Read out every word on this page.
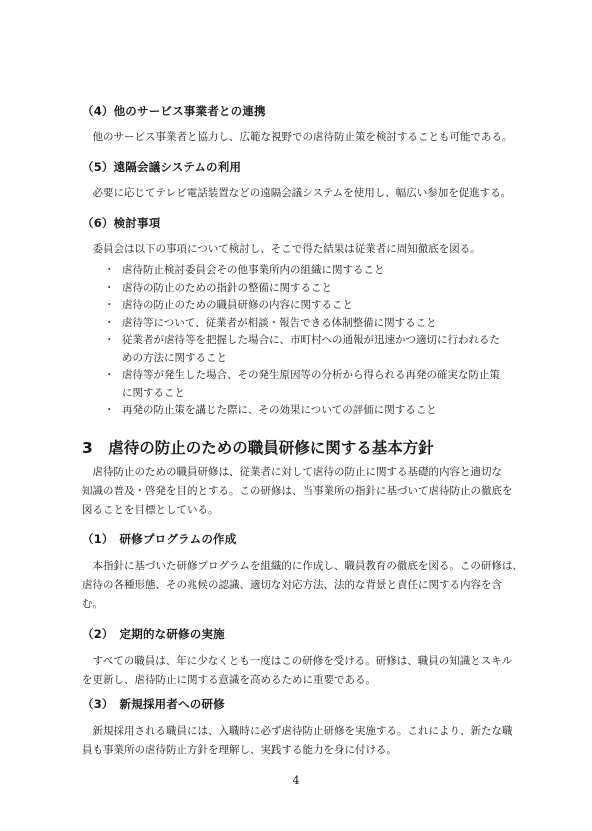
（4）他のサービス事業者との連携
　他のサービス事業者と協力し、広範な視野での虐待防止策を検討することも可能である。
（5）遠隔会議システムの利用
　必要に応じてテレビ電話装置などの遠隔会議システムを使用し、幅広い参加を促進する。
（6）検討事項
　委員会は以下の事項について検討し、そこで得た結果は従業者に周知徹底を図る。
・ 虐待防止検討委員会その他事業所内の組織に関すること
・ 虐待の防止のための指針の整備に関すること
・ 虐待の防止のための職員研修の内容に関すること
・ 虐待等について、従業者が相談・報告できる体制整備に関すること
・ 従業者が虐待等を把握した場合に、市町村への通報が迅速かつ適切に行われるた
めの方法に関すること
・ 虐待等が発生した場合、その発生原因等の分析から得られる再発の確実な防止策
に関すること
・ 再発の防止策を講じた際に、その効果についての評価に関すること
3　虐待の防止のための職員研修に関する基本方針
　虐待防止のための職員研修は、従業者に対して虐待の防止に関する基礎的内容と適切な
知識の普及・啓発を目的とする。この研修は、当事業所の指針に基づいて虐待防止の徹底を
図ることを目標としている。
（1）　研修プログラムの作成
　本指針に基づいた研修プログラムを組織的に作成し、職員教育の徹底を図る。この研修は、
虐待の各種形態、その兆候の認識、適切な対応方法、法的な背景と責任に関する内容を含
む。
（2）　定期的な研修の実施
　すべての職員は、年に少なくとも一度はこの研修を受ける。研修は、職員の知識とスキル
を更新し、虐待防止に関する意識を高めるために重要である。
（3）　新規採用者への研修
　新規採用される職員には、入職時に必ず虐待防止研修を実施する。これにより、新たな職
員も事業所の虐待防止方針を理解し、実践する能力を身に付ける。
4
